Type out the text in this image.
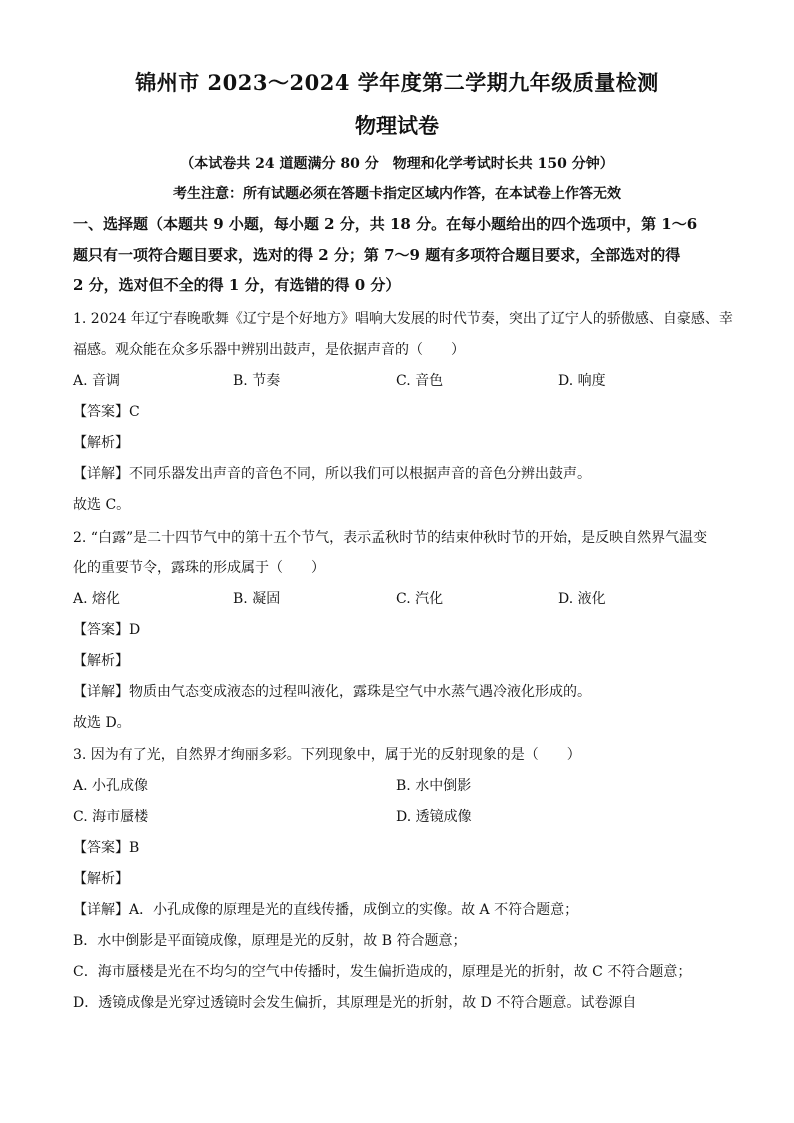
锦州市 2023～2024 学年度第二学期九年级质量检测
物理试卷
（本试卷共 24 道题满分 80 分　物理和化学考试时长共 150 分钟）
考生注意：所有试题必须在答题卡指定区域内作答，在本试卷上作答无效
一、选择题（本题共 9 小题，每小题 2 分，共 18 分。在每小题给出的四个选项中，第 1～6
题只有一项符合题目要求，选对的得 2 分；第 7～9 题有多项符合题目要求，全部选对的得
2 分，选对但不全的得 1 分，有选错的得 0 分）
1. 2024 年辽宁春晚歌舞《辽宁是个好地方》唱响大发展的时代节奏，突出了辽宁人的骄傲感、自豪感、幸
福感。观众能在众多乐器中辨别出鼓声，是依据声音的（　　）
A. 音调	B. 节奏	C. 音色	D. 响度
【答案】C
【解析】
【详解】不同乐器发出声音的音色不同，所以我们可以根据声音的音色分辨出鼓声。
故选 C。
2. “白露”是二十四节气中的第十五个节气，表示孟秋时节的结束仲秋时节的开始，是反映自然界气温变
化的重要节令，露珠的形成属于（　　）
A. 熔化	B. 凝固	C. 汽化	D. 液化
【答案】D
【解析】
【详解】物质由气态变成液态的过程叫液化，露珠是空气中水蒸气遇冷液化形成的。
故选 D。
3. 因为有了光，自然界才绚丽多彩。下列现象中，属于光的反射现象的是（　　）
A. 小孔成像	B. 水中倒影
C. 海市蜃楼	D. 透镜成像
【答案】B
【解析】
【详解】A．小孔成像的原理是光的直线传播，成倒立的实像。故 A 不符合题意；
B．水中倒影是平面镜成像，原理是光的反射，故 B 符合题意；
C．海市蜃楼是光在不均匀的空气中传播时，发生偏折造成的，原理是光的折射，故 C 不符合题意；
D．透镜成像是光穿过透镜时会发生偏折，其原理是光的折射，故 D 不符合题意。试卷源自
